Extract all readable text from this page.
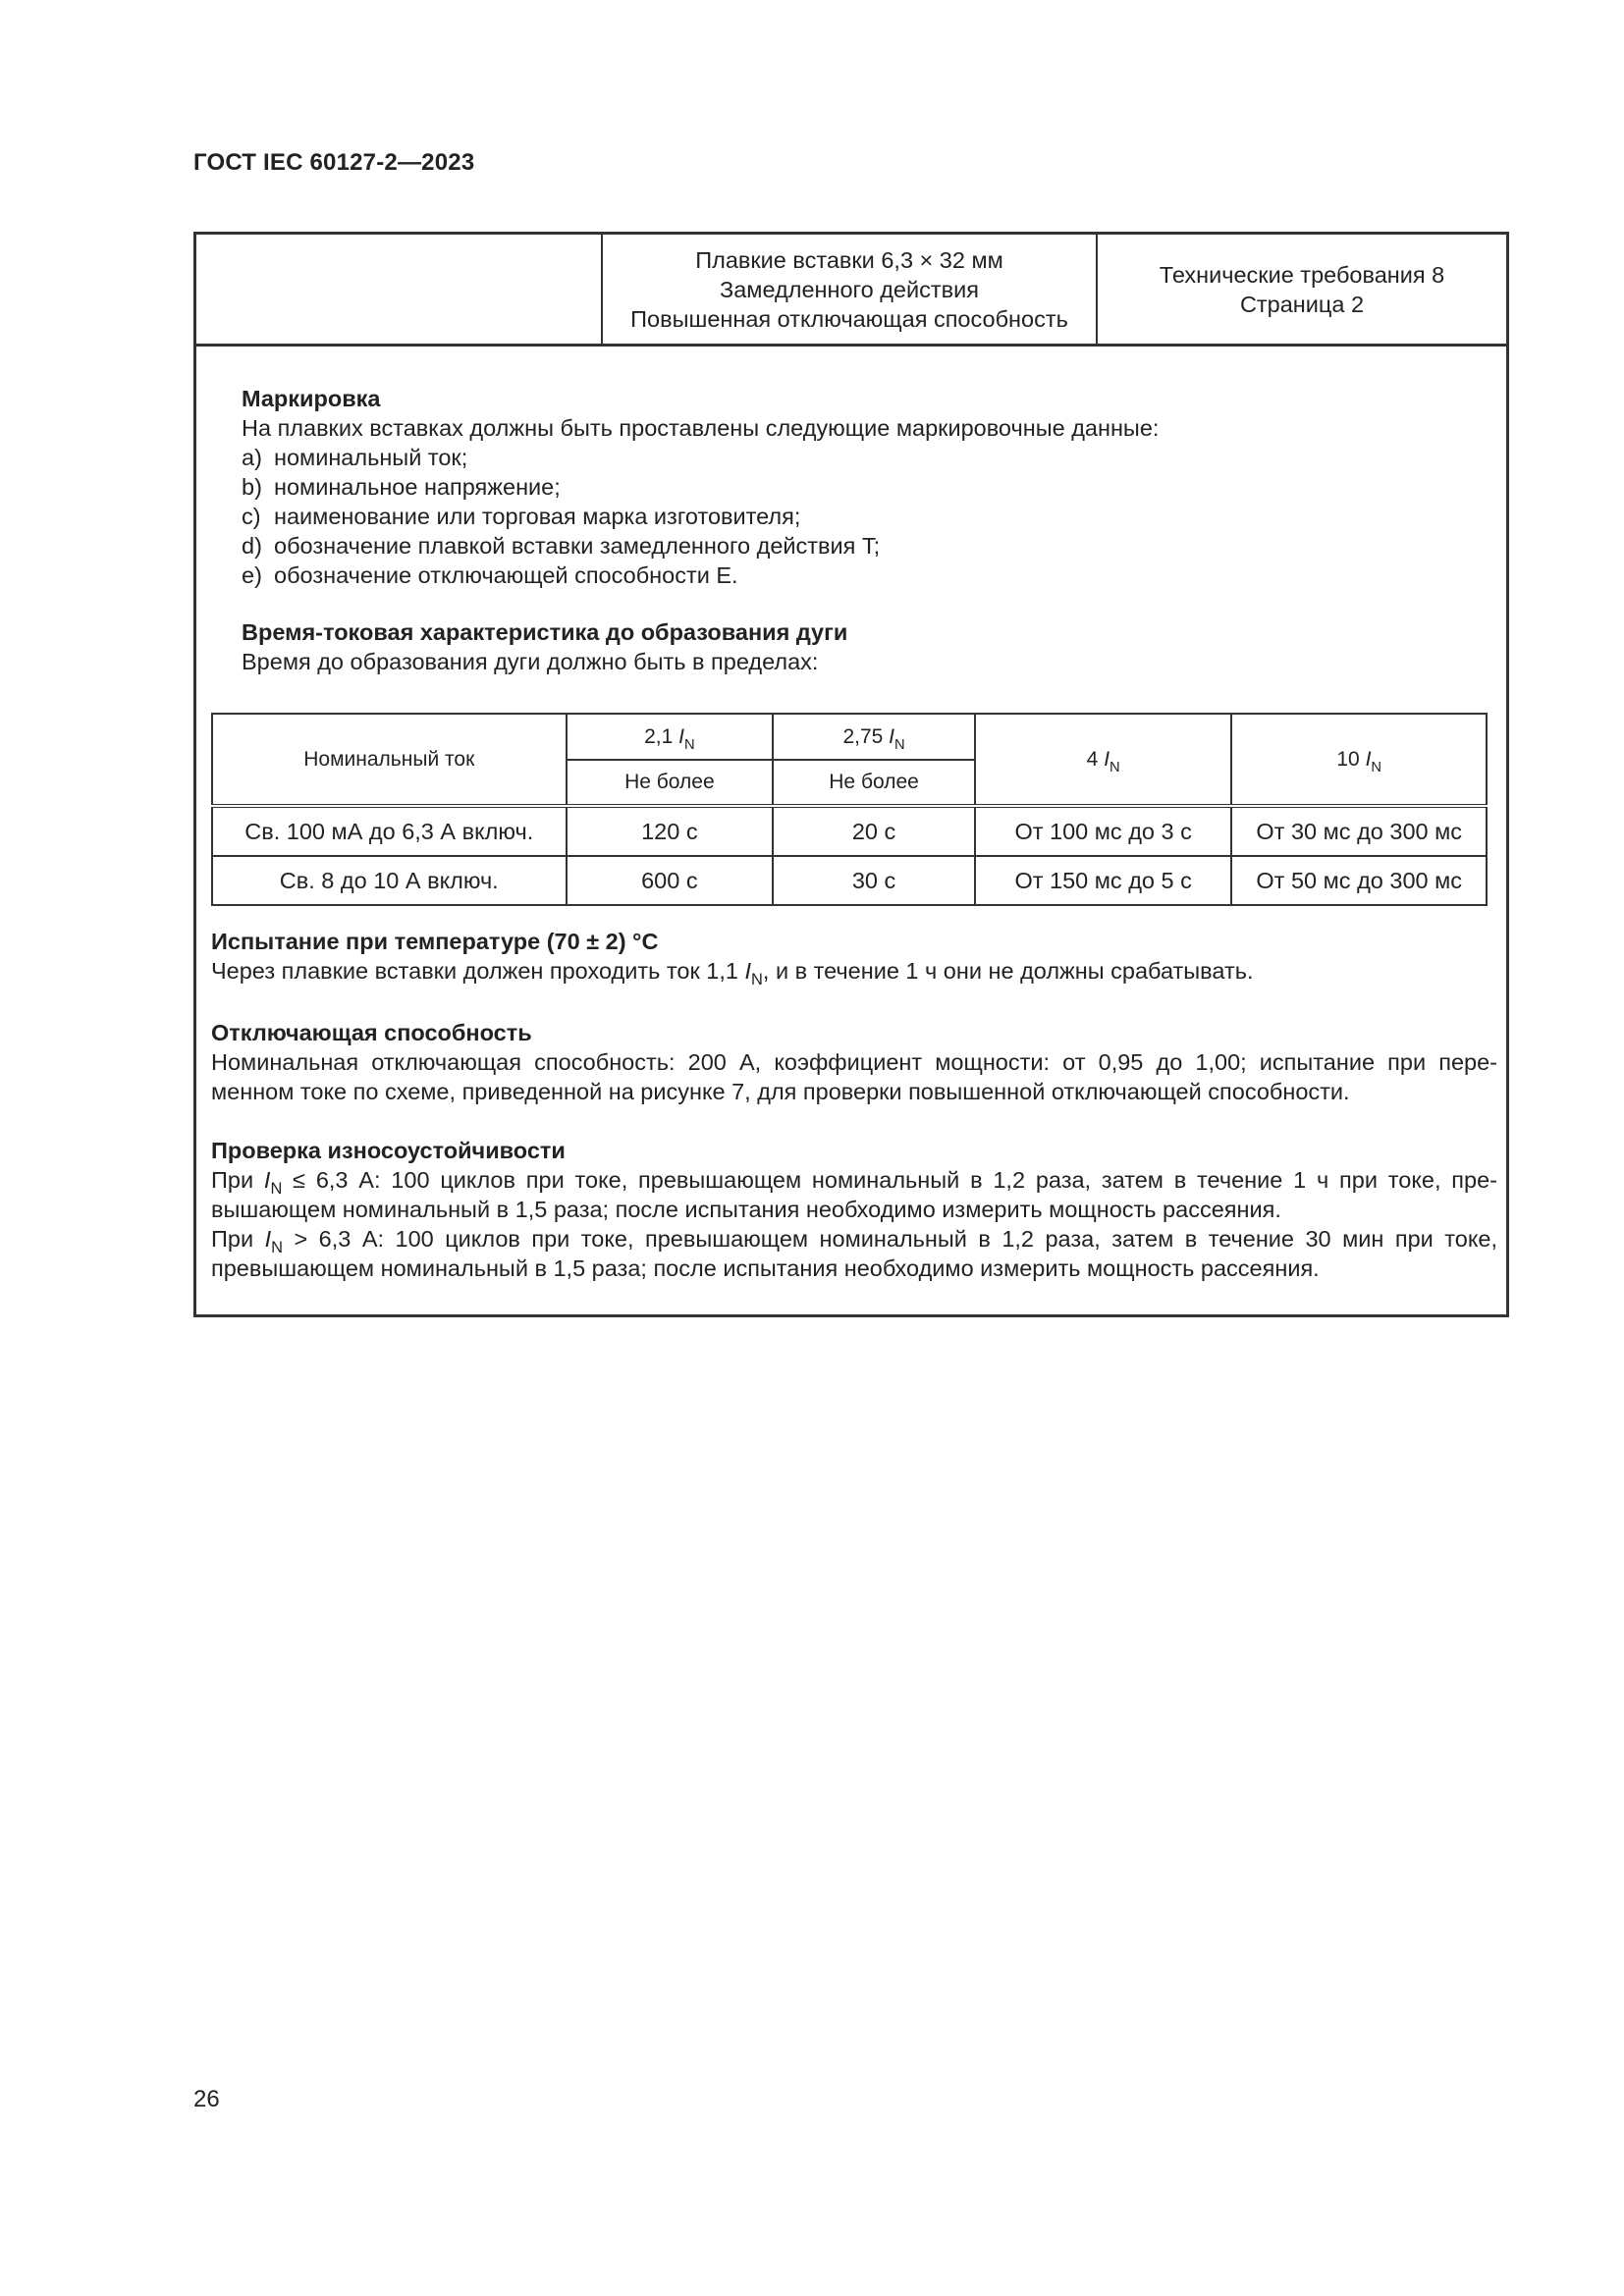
ГОСТ IEC 60127-2—2023
Плавкие вставки 6,3 × 32 мм
Замедленного действия
Повышенная отключающая способность
Технические требования 8
Страница 2
Маркировка
На плавких вставках должны быть проставлены следующие маркировочные данные:
a) номинальный ток;
b) номинальное напряжение;
c) наименование или торговая марка изготовителя;
d) обозначение плавкой вставки замедленного действия T;
e) обозначение отключающей способности E.
Время-токовая характеристика до образования дуги
Время до образования дуги должно быть в пределах:
Номинальный ток	2,1 $I_N$	2,75 $I_N$	4 $I_N$	10 $I_N$
	Не более	Не более		
Св. 100 мА до 6,3 А включ.	120 с	20 с	От 100 мс до 3 с	От 30 мс до 300 мс
Св. 8 до 10 А включ.	600 с	30 с	От 150 мс до 5 с	От 50 мс до 300 мс
Испытание при температуре (70 ± 2) °C
Через плавкие вставки должен проходить ток 1,1 $I_N$, и в течение 1 ч они не должны срабатывать.
Отключающая способность
Номинальная отключающая способность: 200 А, коэффициент мощности: от 0,95 до 1,00; испытание при пере-
менном токе по схеме, приведенной на рисунке 7, для проверки повышенной отключающей способности.
Проверка износоустойчивости
При $I_N \le 6,3$ А: 100 циклов при токе, превышающем номинальный в 1,2 раза, затем в течение 1 ч при токе, пре-
вышающем номинальный в 1,5 раза; после испытания необходимо измерить мощность рассеяния.
При $I_N > 6,3$ А: 100 циклов при токе, превышающем номинальный в 1,2 раза, затем в течение 30 мин при токе,
превышающем номинальный в 1,5 раза; после испытания необходимо измерить мощность рассеяния.
26
